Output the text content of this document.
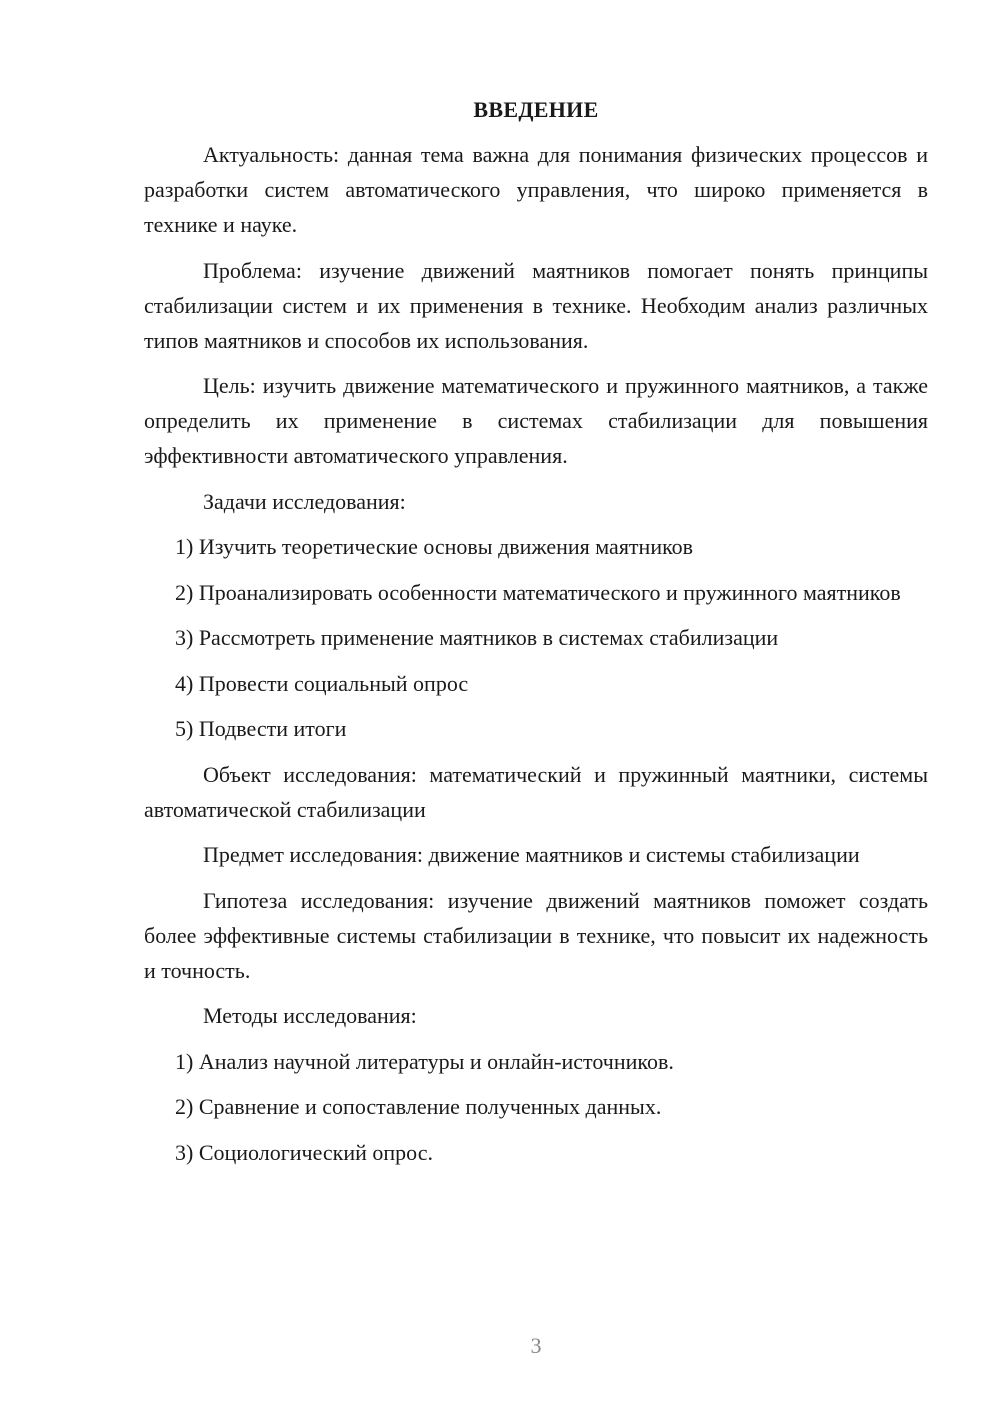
ВВЕДЕНИЕ
Актуальность: данная тема важна для понимания физических процессов и разработки систем автоматического управления, что широко применяется в технике и науке.
Проблема: изучение движений маятников помогает понять принципы стабилизации систем и их применения в технике. Необходим анализ различных типов маятников и способов их использования.
Цель: изучить движение математического и пружинного маятников, а также определить их применение в системах стабилизации для повышения эффективности автоматического управления.
Задачи исследования:
1) Изучить теоретические основы движения маятников
2) Проанализировать особенности математического и пружинного маятников
3) Рассмотреть применение маятников в системах стабилизации
4) Провести социальный опрос
5) Подвести итоги
Объект исследования: математический и пружинный маятники, системы автоматической стабилизации
Предмет исследования: движение маятников и системы стабилизации
Гипотеза исследования: изучение движений маятников поможет создать более эффективные системы стабилизации в технике, что повысит их надежность и точность.
Методы исследования:
1) Анализ научной литературы и онлайн-источников.
2) Сравнение и сопоставление полученных данных.
3) Социологический опрос.
3
